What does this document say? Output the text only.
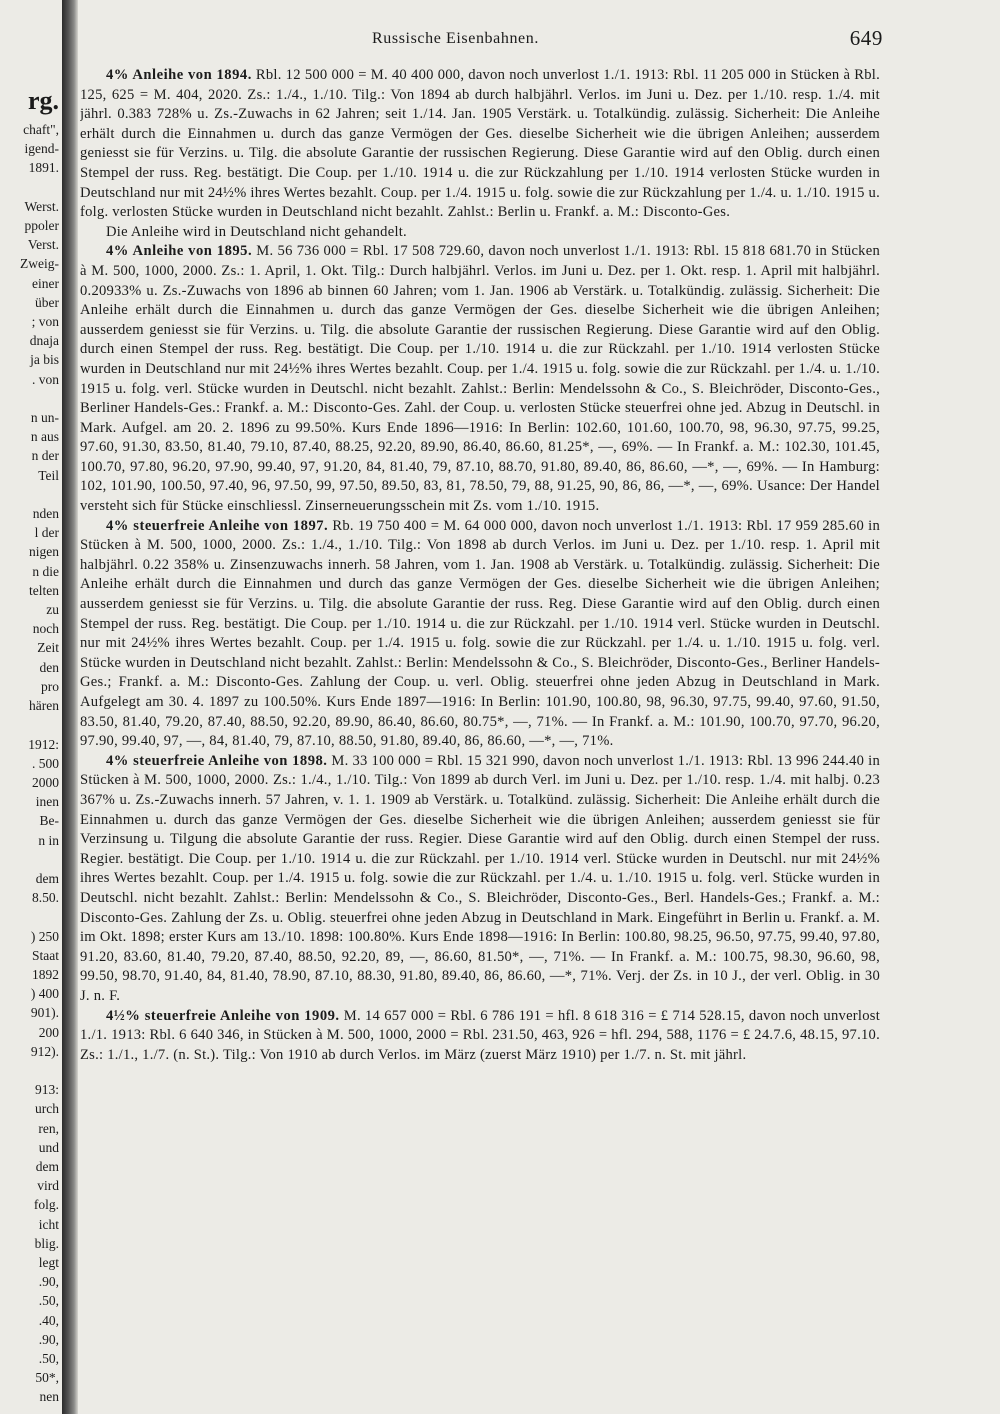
rg.
chaft",
igend-
1891.

Werst.
ppoler
Verst.
Zweig-
einer
über
; von
dnaja
ja bis
. von

n un-
n aus
n der
Teil

nden
l der
nigen
n die
telten
zu
noch
Zeit
den
pro
hären

1912:
. 500
2000
inen
Be-
n in

dem
8.50.

) 250
Staat
1892
) 400
901).
200
912).

913:
urch
ren,
und
dem
vird
folg.
icht
blig.
legt
.90,
.50,
.40,
.90,
.50,
50*,
nen
Russische Eisenbahnen.	649

4% Anleihe von 1894. Rbl. 12 500 000 = M. 40 400 000, davon noch unverlost 1./1. 1913: Rbl. 11 205 000 in Stücken à Rbl. 125, 625 = M. 404, 2020. Zs.: 1./4., 1./10. Tilg.: Von 1894 ab durch halbjährl. Verlos. im Juni u. Dez. per 1./10. resp. 1./4. mit jährl. 0.383 728% u. Zs.-Zuwachs in 62 Jahren; seit 1./14. Jan. 1905 Verstärk. u. Totalkündig. zulässig. Sicherheit: Die Anleihe erhält durch die Einnahmen u. durch das ganze Vermögen der Ges. dieselbe Sicherheit wie die übrigen Anleihen; ausserdem geniesst sie für Verzins. u. Tilg. die absolute Garantie der russischen Regierung. Diese Garantie wird auf den Oblig. durch einen Stempel der russ. Reg. bestätigt. Die Coup. per 1./10. 1914 u. die zur Rückzahlung per 1./10. 1914 verlosten Stücke wurden in Deutschland nur mit 24½% ihres Wertes bezahlt. Coup. per 1./4. 1915 u. folg. sowie die zur Rückzahlung per 1./4. u. 1./10. 1915 u. folg. verlosten Stücke wurden in Deutschland nicht bezahlt. Zahlst.: Berlin u. Frankf. a. M.: Disconto-Ges.

Die Anleihe wird in Deutschland nicht gehandelt.

4% Anleihe von 1895. M. 56 736 000 = Rbl. 17 508 729.60, davon noch unverlost 1./1. 1913: Rbl. 15 818 681.70 in Stücken à M. 500, 1000, 2000. Zs.: 1. April, 1. Okt. Tilg.: Durch halbjährl. Verlos. im Juni u. Dez. per 1. Okt. resp. 1. April mit halbjährl. 0.20933% u. Zs.-Zuwachs von 1896 ab binnen 60 Jahren; vom 1. Jan. 1906 ab Verstärk. u. Totalkündig. zulässig. Sicherheit: Die Anleihe erhält durch die Einnahmen u. durch das ganze Vermögen der Ges. dieselbe Sicherheit wie die übrigen Anleihen; ausserdem geniesst sie für Verzins. u. Tilg. die absolute Garantie der russischen Regierung. Diese Garantie wird auf den Oblig. durch einen Stempel der russ. Reg. bestätigt. Die Coup. per 1./10. 1914 u. die zur Rückzahl. per 1./10. 1914 verlosten Stücke wurden in Deutschland nur mit 24½% ihres Wertes bezahlt. Coup. per 1./4. 1915 u. folg. sowie die zur Rückzahl. per 1./4. u. 1./10. 1915 u. folg. verl. Stücke wurden in Deutschl. nicht bezahlt. Zahlst.: Berlin: Mendelssohn & Co., S. Bleichröder, Disconto-Ges., Berliner Handels-Ges.: Frankf. a. M.: Disconto-Ges. Zahl. der Coup. u. verlosten Stücke steuerfrei ohne jed. Abzug in Deutschl. in Mark. Aufgel. am 20. 2. 1896 zu 99.50%. Kurs Ende 1896—1916: In Berlin: 102.60, 101.60, 100.70, 98, 96.30, 97.75, 99.25, 97.60, 91.30, 83.50, 81.40, 79.10, 87.40, 88.25, 92.20, 89.90, 86.40, 86.60, 81.25*, —, 69%. — In Frankf. a. M.: 102.30, 101.45, 100.70, 97.80, 96.20, 97.90, 99.40, 97, 91.20, 84, 81.40, 79, 87.10, 88.70, 91.80, 89.40, 86, 86.60, —*, —, 69%. — In Hamburg: 102, 101.90, 100.50, 97.40, 96, 97.50, 99, 97.50, 89.50, 83, 81, 78.50, 79, 88, 91.25, 90, 86, 86, —*, —, 69%. Usance: Der Handel versteht sich für Stücke einschliessl. Zinserneuerungsschein mit Zs. vom 1./10. 1915.

4% steuerfreie Anleihe von 1897. Rb. 19 750 400 = M. 64 000 000, davon noch unverlost 1./1. 1913: Rbl. 17 959 285.60 in Stücken à M. 500, 1000, 2000. Zs.: 1./4., 1./10. Tilg.: Von 1898 ab durch Verlos. im Juni u. Dez. per 1./10. resp. 1. April mit halbjährl. 0.22 358% u. Zinsenzuwachs innerh. 58 Jahren, vom 1. Jan. 1908 ab Verstärk. u. Totalkündig. zulässig. Sicherheit: Die Anleihe erhält durch die Einnahmen und durch das ganze Vermögen der Ges. dieselbe Sicherheit wie die übrigen Anleihen; ausserdem geniesst sie für Verzins. u. Tilg. die absolute Garantie der russ. Reg. Diese Garantie wird auf den Oblig. durch einen Stempel der russ. Reg. bestätigt. Die Coup. per 1./10. 1914 u. die zur Rückzahl. per 1./10. 1914 verl. Stücke wurden in Deutschl. nur mit 24½% ihres Wertes bezahlt. Coup. per 1./4. 1915 u. folg. sowie die zur Rückzahl. per 1./4. u. 1./10. 1915 u. folg. verl. Stücke wurden in Deutschland nicht bezahlt. Zahlst.: Berlin: Mendelssohn & Co., S. Bleichröder, Disconto-Ges., Berliner Handels-Ges.; Frankf. a. M.: Disconto-Ges. Zahlung der Coup. u. verl. Oblig. steuerfrei ohne jeden Abzug in Deutschland in Mark. Aufgelegt am 30. 4. 1897 zu 100.50%. Kurs Ende 1897—1916: In Berlin: 101.90, 100.80, 98, 96.30, 97.75, 99.40, 97.60, 91.50, 83.50, 81.40, 79.20, 87.40, 88.50, 92.20, 89.90, 86.40, 86.60, 80.75*, —, 71%. — In Frankf. a. M.: 101.90, 100.70, 97.70, 96.20, 97.90, 99.40, 97, —, 84, 81.40, 79, 87.10, 88.50, 91.80, 89.40, 86, 86.60, —*, —, 71%.

4% steuerfreie Anleihe von 1898. M. 33 100 000 = Rbl. 15 321 990, davon noch unverlost 1./1. 1913: Rbl. 13 996 244.40 in Stücken à M. 500, 1000, 2000. Zs.: 1./4., 1./10. Tilg.: Von 1899 ab durch Verl. im Juni u. Dez. per 1./10. resp. 1./4. mit halbj. 0.23 367% u. Zs.-Zuwachs innerh. 57 Jahren, v. 1. 1. 1909 ab Verstärk. u. Totalkünd. zulässig. Sicherheit: Die Anleihe erhält durch die Einnahmen u. durch das ganze Vermögen der Ges. dieselbe Sicherheit wie die übrigen Anleihen; ausserdem geniesst sie für Verzinsung u. Tilgung die absolute Garantie der russ. Regier. Diese Garantie wird auf den Oblig. durch einen Stempel der russ. Regier. bestätigt. Die Coup. per 1./10. 1914 u. die zur Rückzahl. per 1./10. 1914 verl. Stücke wurden in Deutschl. nur mit 24½% ihres Wertes bezahlt. Coup. per 1./4. 1915 u. folg. sowie die zur Rückzahl. per 1./4. u. 1./10. 1915 u. folg. verl. Stücke wurden in Deutschl. nicht bezahlt. Zahlst.: Berlin: Mendelssohn & Co., S. Bleichröder, Disconto-Ges., Berl. Handels-Ges.; Frankf. a. M.: Disconto-Ges. Zahlung der Zs. u. Oblig. steuerfrei ohne jeden Abzug in Deutschland in Mark. Eingeführt in Berlin u. Frankf. a. M. im Okt. 1898; erster Kurs am 13./10. 1898: 100.80%. Kurs Ende 1898—1916: In Berlin: 100.80, 98.25, 96.50, 97.75, 99.40, 97.80, 91.20, 83.60, 81.40, 79.20, 87.40, 88.50, 92.20, 89, —, 86.60, 81.50*, —, 71%. — In Frankf. a. M.: 100.75, 98.30, 96.60, 98, 99.50, 98.70, 91.40, 84, 81.40, 78.90, 87.10, 88.30, 91.80, 89.40, 86, 86.60, —*, 71%. Verj. der Zs. in 10 J., der verl. Oblig. in 30 J. n. F.

4½% steuerfreie Anleihe von 1909. M. 14 657 000 = Rbl. 6 786 191 = hfl. 8 618 316 = £ 714 528.15, davon noch unverlost 1./1. 1913: Rbl. 6 640 346, in Stücken à M. 500, 1000, 2000 = Rbl. 231.50, 463, 926 = hfl. 294, 588, 1176 = £ 24.7.6, 48.15, 97.10. Zs.: 1./1., 1./7. (n. St.). Tilg.: Von 1910 ab durch Verlos. im März (zuerst März 1910) per 1./7. n. St. mit jährl.
